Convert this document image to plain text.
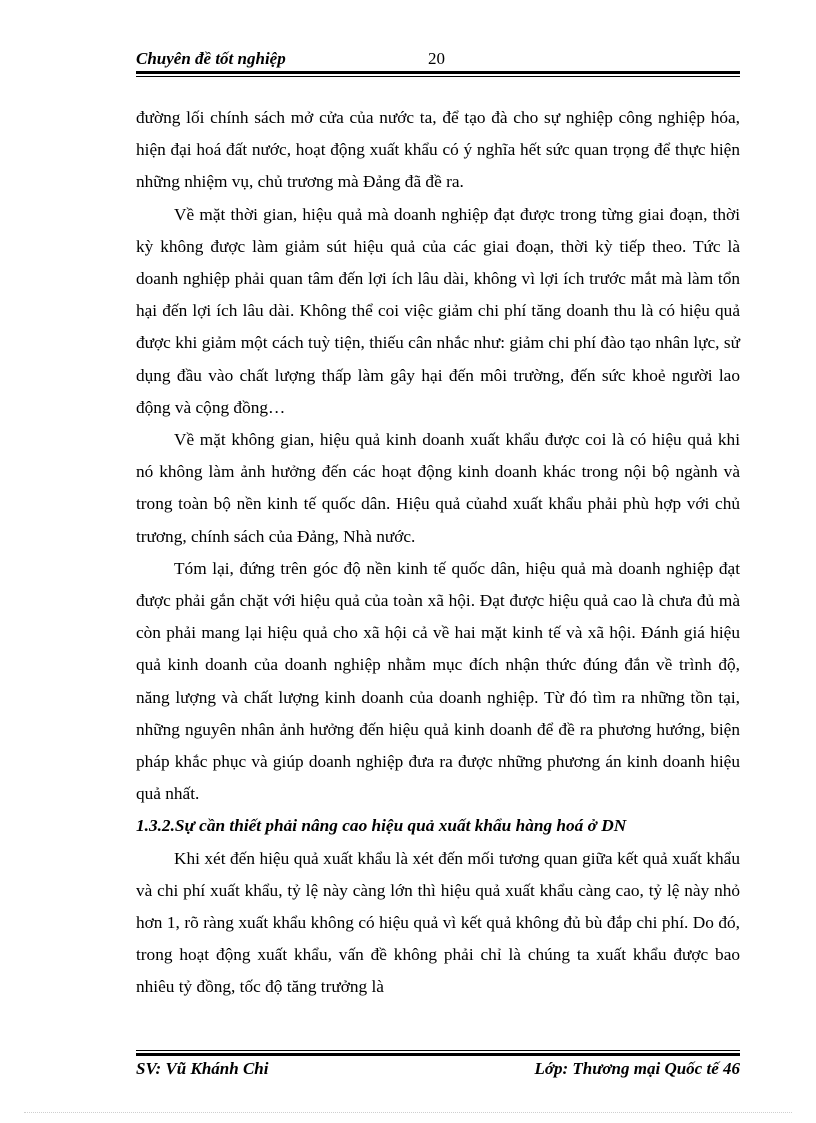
Chuyên đề tốt nghiệp	20

đường lối chính sách mở cửa của nước ta, để tạo đà cho sự nghiệp công nghiệp hóa, hiện đại hoá đất nước, hoạt động xuất khẩu có ý nghĩa hết sức quan trọng để thực hiện những nhiệm vụ, chủ trương mà Đảng đã đề ra.

Về mặt thời gian, hiệu quả mà doanh nghiệp đạt được trong từng giai đoạn, thời kỳ không được làm giảm sút hiệu quả của các giai đoạn, thời kỳ tiếp theo. Tức là doanh nghiệp phải quan tâm đến lợi ích lâu dài, không vì lợi ích trước mắt mà làm tổn hại đến lợi ích lâu dài. Không thể coi việc giảm chi phí tăng doanh thu là có hiệu quả được khi giảm một cách tuỳ tiện, thiếu cân nhắc như: giảm chi phí đào tạo nhân lực, sử dụng đầu vào chất lượng thấp làm gây hại đến môi trường, đến sức khoẻ người lao động và cộng đồng…

Về mặt không gian, hiệu quả kinh doanh xuất khẩu được coi là có hiệu quả khi nó không làm ảnh hưởng đến các hoạt động kinh doanh khác trong nội bộ ngành và trong toàn bộ nền kinh tế quốc dân. Hiệu quả củahd xuất khẩu phải phù hợp với chủ trương, chính sách của Đảng, Nhà nước.

Tóm lại, đứng trên góc độ nền kinh tế quốc dân, hiệu quả mà doanh nghiệp đạt được phải gắn chặt với hiệu quả của toàn xã hội. Đạt được hiệu quả cao là chưa đủ mà còn phải mang lại hiệu quả cho xã hội cả về hai mặt kinh tế và xã hội. Đánh giá hiệu quả kinh doanh của doanh nghiệp nhằm mục đích nhận thức đúng đắn về trình độ, năng lượng và chất lượng kinh doanh của doanh nghiệp. Từ đó tìm ra những tồn tại, những nguyên nhân ảnh hưởng đến hiệu quả kinh doanh để đề ra phương hướng, biện pháp khắc phục và giúp doanh nghiệp đưa ra được những phương án kinh doanh hiệu quả nhất.

1.3.2.Sự cần thiết phải nâng cao hiệu quả xuất khẩu hàng hoá ở DN

Khi xét đến hiệu quả xuất khẩu là xét đến mối tương quan giữa kết quả xuất khẩu và chi phí xuất khẩu, tỷ lệ này càng lớn thì hiệu quả xuất khẩu càng cao, tỷ lệ này nhỏ hơn 1, rõ ràng xuất khẩu không có hiệu quả vì kết quả không đủ bù đắp chi phí. Do đó, trong hoạt động xuất khẩu, vấn đề không phải chỉ là chúng ta xuất khẩu được bao nhiêu tỷ đồng, tốc độ tăng trưởng là

SV: Vũ Khánh Chi	Lớp: Thương mại Quốc tế 46
